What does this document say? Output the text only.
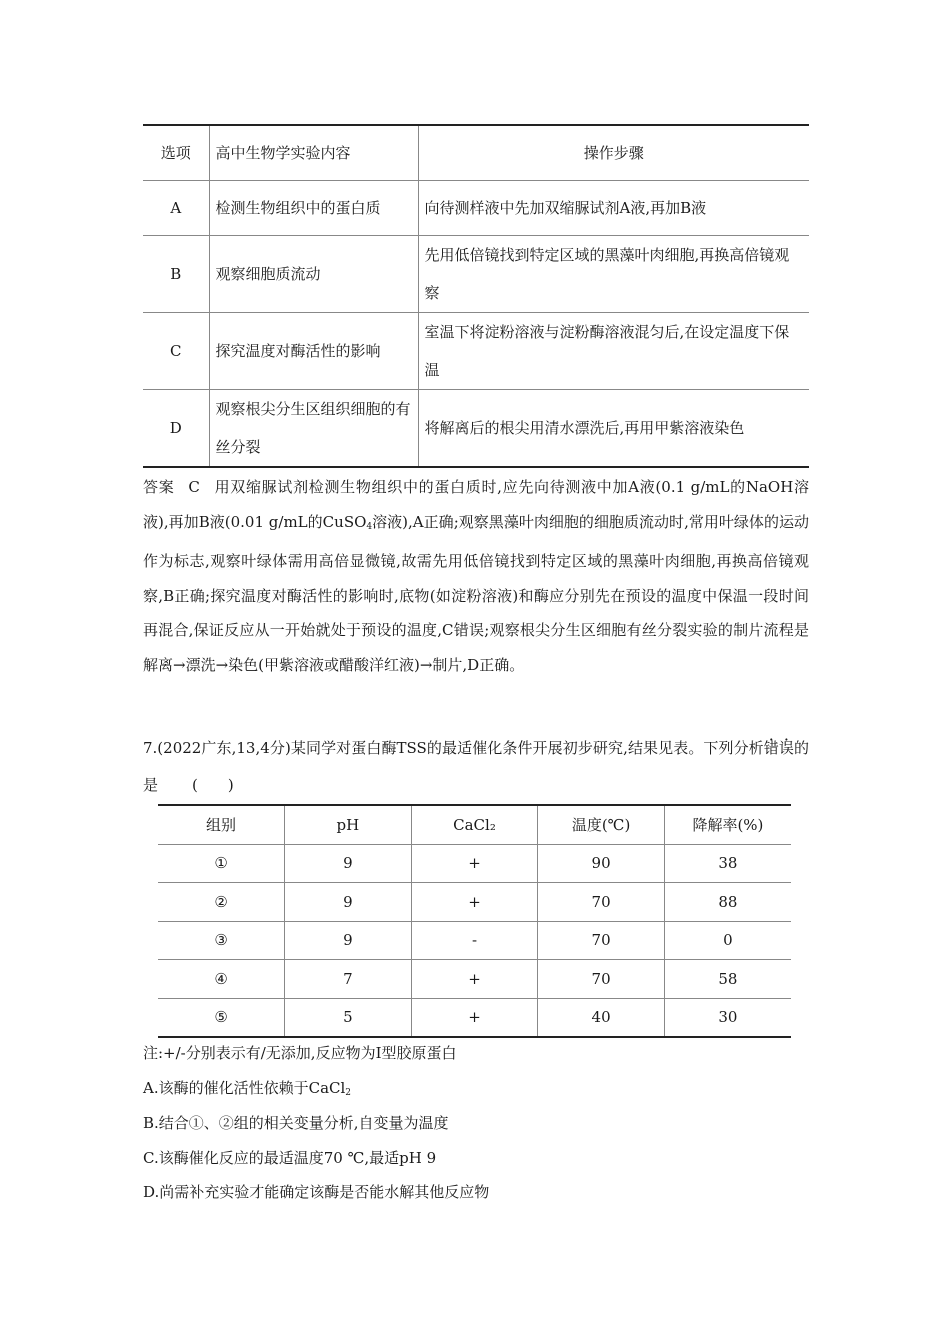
选项	高中生物学实验内容	操作步骤
A	检测生物组织中的蛋白质	向待测样液中先加双缩脲试剂A液,再加B液
B	观察细胞质流动	先用低倍镜找到特定区域的黑藻叶肉细胞,再换高倍镜观察
C	探究温度对酶活性的影响	室温下将淀粉溶液与淀粉酶溶液混匀后,在设定温度下保温
D	观察根尖分生区组织细胞的有丝分裂	将解离后的根尖用清水漂洗后,再用甲紫溶液染色
答案 C 用双缩脲试剂检测生物组织中的蛋白质时,应先向待测液中加A液(0.1 g/mL的NaOH溶液),再加B液(0.01 g/mL的CuSO$_4$溶液),A正确;观察黑藻叶肉细胞的细胞质流动时,常用叶绿体的运动作为标志,观察叶绿体需用高倍显微镜,故需先用低倍镜找到特定区域的黑藻叶肉细胞,再换高倍镜观察,B正确;探究温度对酶活性的影响时,底物(如淀粉溶液)和酶应分别先在预设的温度中保温一段时间再混合,保证反应从一开始就处于预设的温度,C错误;观察根尖分生区细胞有丝分裂实验的制片流程是解离→漂洗→染色(甲紫溶液或醋酸洋红液)→制片,D正确。
7.(2022广东,13,4分)某同学对蛋白酶TSS的最适催化条件开展初步研究,结果见表。下列分析错误的是 (　　)
组别	pH	CaCl₂	温度(℃)	降解率(%)
①	9	+	90	38
②	9	+	70	88
③	9	-	70	0
④	7	+	70	58
⑤	5	+	40	30
注:+/-分别表示有/无添加,反应物为Ⅰ型胶原蛋白
A.该酶的催化活性依赖于CaCl$_2$
B.结合①、②组的相关变量分析,自变量为温度
C.该酶催化反应的最适温度70 ℃,最适pH 9
D.尚需补充实验才能确定该酶是否能水解其他反应物
